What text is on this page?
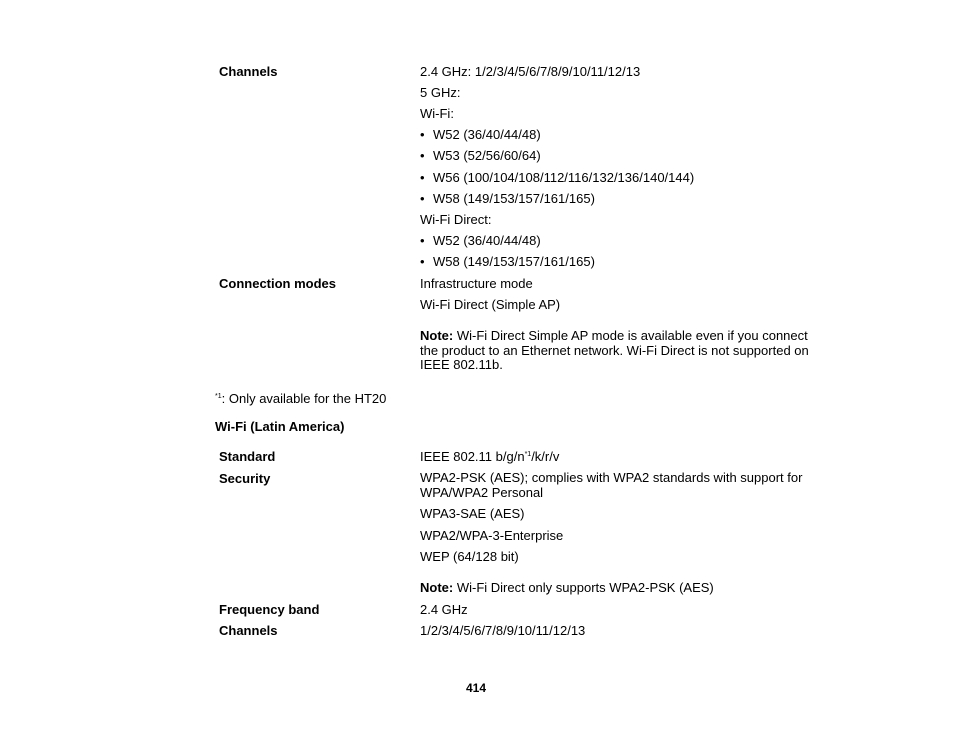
Channels	2.4 GHz: 1/2/3/4/5/6/7/8/9/10/11/12/13
5 GHz:
Wi-Fi:
• W52 (36/40/44/48)
• W53 (52/56/60/64)
• W56 (100/104/108/112/116/132/136/140/144)
• W58 (149/153/157/161/165)
Wi-Fi Direct:
• W52 (36/40/44/48)
• W58 (149/153/157/161/165)
Connection modes	Infrastructure mode
Wi-Fi Direct (Simple AP)
Note: Wi-Fi Direct Simple AP mode is available even if you connect the product to an Ethernet network. Wi-Fi Direct is not supported on IEEE 802.11b.
$^{*1}$: Only available for the HT20
Wi-Fi (Latin America)
Standard	IEEE 802.11 $b/g/n^{*1}/k/r/v$
Security	WPA2-PSK (AES); complies with WPA2 standards with support for WPA/WPA2 Personal
WPA3-SAE (AES)
WPA2/WPA-3-Enterprise
WEP (64/128 bit)
Note: Wi-Fi Direct only supports WPA2-PSK (AES)
Frequency band	2.4 GHz
Channels	1/2/3/4/5/6/7/8/9/10/11/12/13
414
